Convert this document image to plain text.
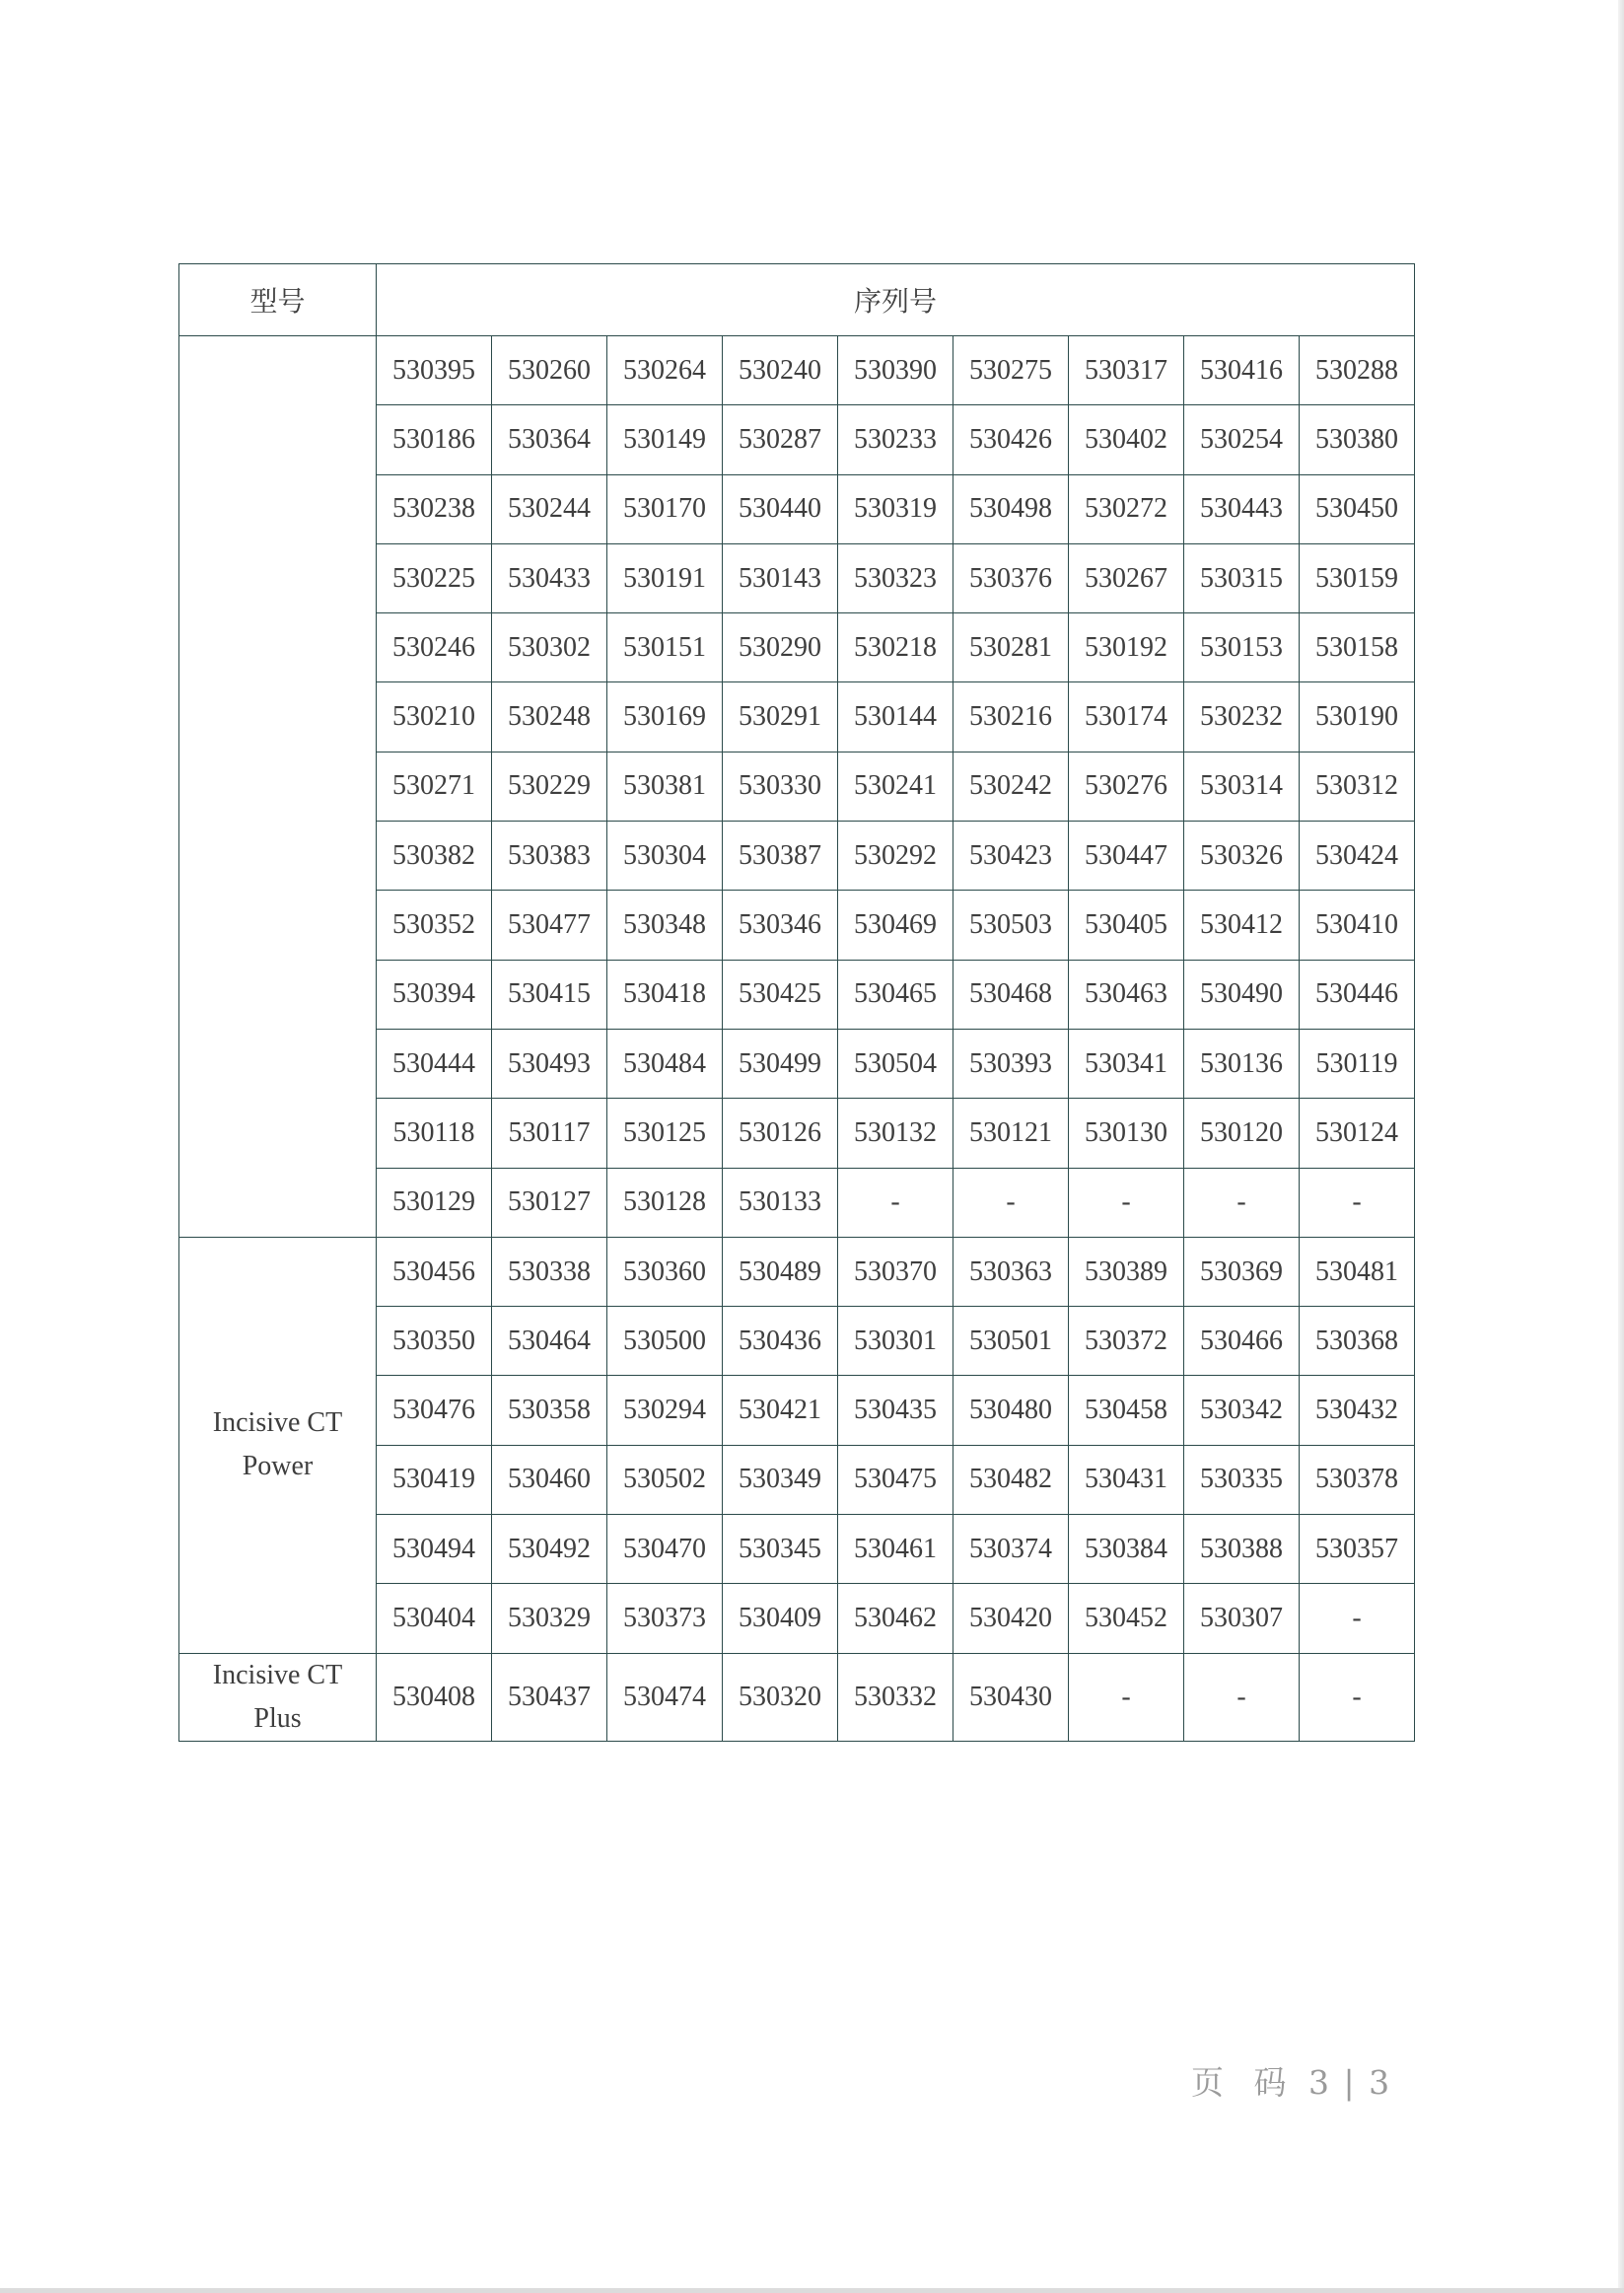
型号	序列号								
	530395	530260	530264	530240	530390	530275	530317	530416	530288
	530186	530364	530149	530287	530233	530426	530402	530254	530380
	530238	530244	530170	530440	530319	530498	530272	530443	530450
	530225	530433	530191	530143	530323	530376	530267	530315	530159
	530246	530302	530151	530290	530218	530281	530192	530153	530158
	530210	530248	530169	530291	530144	530216	530174	530232	530190
	530271	530229	530381	530330	530241	530242	530276	530314	530312
	530382	530383	530304	530387	530292	530423	530447	530326	530424
	530352	530477	530348	530346	530469	530503	530405	530412	530410
	530394	530415	530418	530425	530465	530468	530463	530490	530446
	530444	530493	530484	530499	530504	530393	530341	530136	530119
	530118	530117	530125	530126	530132	530121	530130	530120	530124
	530129	530127	530128	530133	-	-	-	-	-

Incisive CT
Power	530456	530338	530360	530489	530370	530363	530389	530369	530481
	530350	530464	530500	530436	530301	530501	530372	530466	530368
	530476	530358	530294	530421	530435	530480	530458	530342	530432
	530419	530460	530502	530349	530475	530482	530431	530335	530378
	530494	530492	530470	530345	530461	530374	530384	530388	530357
	530404	530329	530373	530409	530462	530420	530452	530307	-

Incisive CT
Plus	530408	530437	530474	530320	530332	530430	-	-	-
页 码 3 | 3
